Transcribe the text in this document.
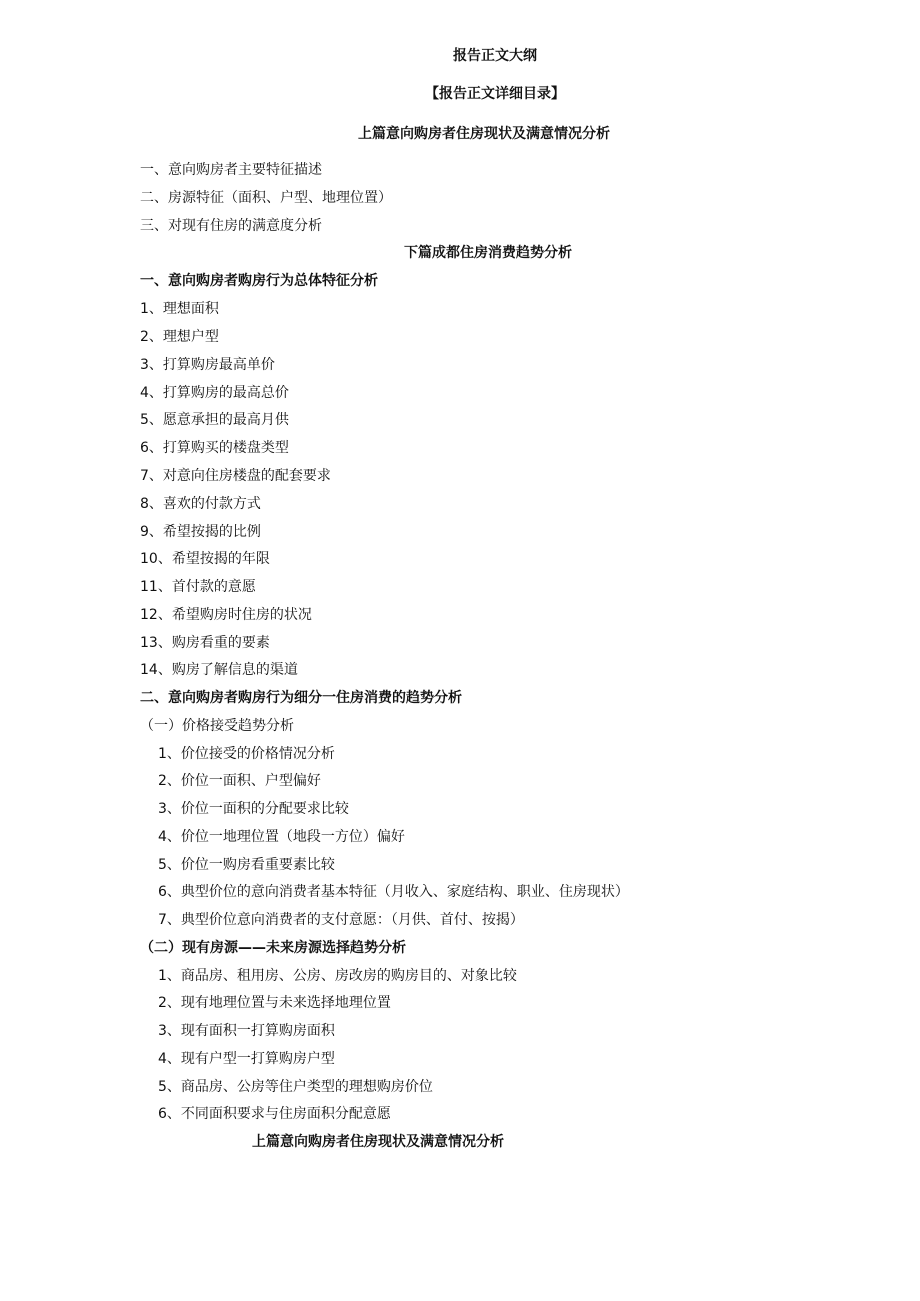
报告正文大纲
【报告正文详细目录】
上篇意向购房者住房现状及满意情况分析
一、意向购房者主要特征描述
二、房源特征（面积、户型、地理位置）
三、对现有住房的满意度分析
下篇成都住房消费趋势分析
一、意向购房者购房行为总体特征分析
1、理想面积
2、理想户型
3、打算购房最高单价
4、打算购房的最高总价
5、愿意承担的最高月供
6、打算购买的楼盘类型
7、对意向住房楼盘的配套要求
8、喜欢的付款方式
9、希望按揭的比例
10、希望按揭的年限
11、首付款的意愿
12、希望购房时住房的状况
13、购房看重的要素
14、购房了解信息的渠道
二、意向购房者购房行为细分一住房消费的趋势分析
（一）价格接受趋势分析
1、价位接受的价格情况分析
2、价位一面积、户型偏好
3、价位一面积的分配要求比较
4、价位一地理位置（地段一方位）偏好
5、价位一购房看重要素比较
6、典型价位的意向消费者基本特征（月收入、家庭结构、职业、住房现状）
7、典型价位意向消费者的支付意愿：（月供、首付、按揭）
（二）现有房源——未来房源选择趋势分析
1、商品房、租用房、公房、房改房的购房目的、对象比较
2、现有地理位置与未来选择地理位置
3、现有面积一打算购房面积
4、现有户型一打算购房户型
5、商品房、公房等住户类型的理想购房价位
6、不同面积要求与住房面积分配意愿
上篇意向购房者住房现状及满意情况分析
